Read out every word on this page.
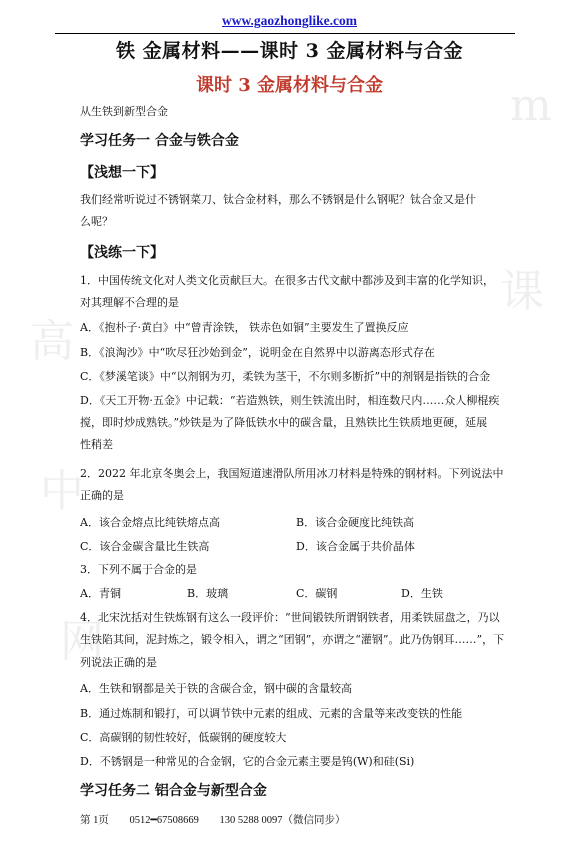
高
中
课
网
m
www.gaozhonglike.com
铁 金属材料——课时 3 金属材料与合金
课时 3 金属材料与合金
从生铁到新型合金
学习任务一 合金与铁合金
【浅想一下】
我们经常听说过不锈钢菜刀、钛合金材料，那么不锈钢是什么钢呢？钛合金又是什
么呢？
【浅练一下】
1．中国传统文化对人类文化贡献巨大。在很多古代文献中都涉及到丰富的化学知识，
对其理解不合理的是
A．《抱朴子·黄白》中“曾青涂铁， 铁赤色如铜”主要发生了置换反应
B．《浪淘沙》中“吹尽狂沙始到金”，说明金在自然界中以游离态形式存在
C．《梦溪笔谈》中“以剂钢为刃，柔铁为茎干，不尔则多断折”中的剂钢是指铁的合金
D．《天工开物·五金》中记载：“若造熟铁，则生铁流出时，相连数尺内……众人柳棍疾
搅，即时炒成熟铁。”炒铁是为了降低铁水中的碳含量，且熟铁比生铁质地更硬，延展
性稍差
2．2022 年北京冬奥会上，我国短道速滑队所用冰刀材料是特殊的钢材料。下列说法中
正确的是
A．该合金熔点比纯铁熔点高	B．该合金硬度比纯铁高
C．该合金碳含量比生铁高	D．该合金属于共价晶体
3．下列不属于合金的是
A．青铜	B．玻璃	C．碳钢	D．生铁
4．北宋沈括对生铁炼钢有这么一段评价：“世间锻铁所谓钢铁者，用柔铁屈盘之，乃以
生铁陷其间，泥封炼之，锻令相入，谓之“团钢”，亦谓之“灌钢”。此乃伪钢耳……”，下
列说法正确的是
A．生铁和钢都是关于铁的含碳合金，钢中碳的含量较高
B．通过炼制和锻打，可以调节铁中元素的组成、元素的含量等来改变铁的性能
C．高碳钢的韧性较好，低碳钢的硬度较大
D．不锈钢是一种常见的合金钢，它的合金元素主要是钨(W)和硅(Si)
学习任务二 铝合金与新型合金
第 1页 0512━67508669 130 5288 0097（微信同步）
